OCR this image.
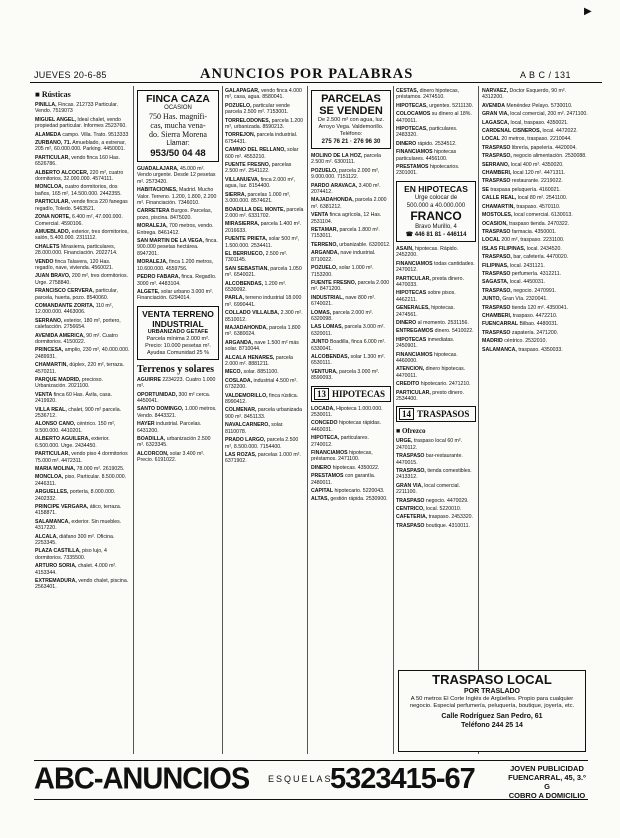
▶
JUEVES 20-6-85	ANUNCIOS POR PALABRAS	A B C / 131
■ Rústicas

PINILLA, Fincas. 212733 Particular. Vendo. 7519073

MIGUEL ANGEL, Ideal chalet, vendo propiedad particular. Informes 2523760.

ALAMEDA campo. Villa. Trato. 9513333

ZURBANO, 71. Amueblado, a estrenar, 205 m², 60.000.000. Parking. 4450001.

PARTICULAR, vendo finca 160 Has. 6526786.

ALBERTO ALCOCER, 220 m², cuatro dormitorios, 32.000.000. 4574111.

MONCLOA, cuatro dormitorios, dos baños, 165 m², 14.500.000. 2442355.

PARTICULAR, vende finca 220 fanegas regadío, Toledo. 5463521.

ZONA NORTE, 6.400 m², 47.000.000. Comercial. 4590106.

AMUEBLADO, exterior, tres dormitorios, salón, 5.400.000. 2311112.

CHALETS Mirasierra, particulares, 28.000.000. Financiación. 2022714.

VENDO finca Talavera, 120 Has. regadío, nave, vivienda. 4560021.

JUAN BRAVO, 200 m², tres dormitorios. Urge. 2758840.

FRANCISCO CERVERA, particular, parcela, huerta, pozo. 8540060.

COMANDANTE ZORITA, 110 m², 12.000.000. 4463006.

SERRANO, exterior, 180 m², portero, calefacción. 2756654.

AVENIDA AMERICA, 90 m². Cuatro dormitorios. 4150022.

PRINCESA, amplio, 230 m², 40.000.000. 2489931.

CHAMARTIN, dúplex, 220 m², terraza. 4570211.

PARQUE MADRID, precioso. Urbanización. 2021100.

VENTA finca 60 Has. Ávila, casa. 2419920.

VILLA REAL, chalet, 900 m² parcela. 2536712.

ALONSO CANO, céntrico. 150 m², 9.500.000. 4410201.

ALBERTO AGUILERA, exterior. 6.500.000. Urge. 2434450.

PARTICULAR, vendo piso 4 dormitorios 75.000 m². 4472311.

MARIA MOLINA, 78.000 m². 2619025.

MONCLOA, piso. Particular. 8.500.000. 2446311.

ARGUELLES, portería, 8.000.000. 2402332.

PRINCIPE VERGARA, ático, terraza. 4158871.

SALAMANCA, exterior. Sin muebles. 4317220.

ALCALA, diáfano 300 m². Oficina. 2253345.

PLAZA CASTILLA, piso lujo, 4 dormitorios. 7335500.

ARTURO SORIA, chalet. 4.000 m². 4153344.

EXTREMADURA, vendo chalet, piscina. 2563401.

FINCA CAZA
OCASION
750 Has. magnífi-
cas, mucha vena-
do. Sierra Morena
Llamar:
953/50 04 48

GUADALAJARA, 45.000 m². Vendo urgente. Desde 12 pesetas m². 2573420.

HABITACIONES, Madrid. Mucho Valor. Terreno. 1.200, 1.800, 2.200 m². Financiación. 7346010.

CARRETERA Burgos. Parcelas, pozo, piscina. 8475020.

MORALEJA, 700 metros, vendo. Entrega. 8461412.

SAN MARTIN DE LA VEGA, finca. 900.000 pesetas hectárea. 8947201.

MORALEJA, finca 1.200 metros, 10.600.000. 4559756.

PEDRO FABARA, finca. Regadío. 3000 m². 4483104.

ALGETE, solar urbano 3.000 m². Financiación. 6294014.

VENTA TERRENO
INDUSTRIAL
URBANIZADO GETAFE
Parcela mínima 2.000 m². Precio: 10.000 pesetas m².
Ayudas Comunidad 25 %
Terrenos y solares

AGUIRRE 2234223. Cuatro 1.000 m².

OPORTUNIDAD, 300 m² cerca. 4450041.

SANTO DOMINGO, 1.000 metros. Vendo. 8443321.

HAYER industrial. Parcelas. 6431200.

BOADILLA, urbanización 2.500 m². 6323345.

ALCORCON, solar 3.400 m². Precio. 6191022.

GALAPAGAR, vendo finca 4.000 m², casa, agua. 8580041.

POZUELO, particular vende parcela 2.500 m². 7153001.

TORRELODONES, parcela 1.200 m², urbanizada. 8590213.

TORREJON, parcela industrial. 6754431.

CAMINO DEL RELLANO, solar 600 m². 4553210.

FUENTE FRESNO, parcelas 2.500 m². 2541122.

VILLANUEVA, finca 2.000 m², agua, luz. 8154400.

SIERRA, parcelas 1.000 m², 3.000.000. 8574621.

BOADILLA DEL MONTE, parcela 2.000 m². 6331702.

MIRASIERRA, parcela 1.400 m². 2016633.

FUENTE PRIETA, solar 500 m², 1.500.000. 2534411.

EL BERRUECO, 2.500 m². 7301145.

SAN SEBASTIAN, parcela 1.050 m². 6540021.

ALCOBENDAS, 1.200 m². 6530092.

PARLA, terreno industrial 18.000 m². 6990441.

COLLADO VILLALBA, 2.300 m². 8510012.

MAJADAHONDA, parcela 1.800 m². 6380024.

ARGANDA, nave 1.500 m² más solar. 8710044.

ALCALA HENARES, parcela 2.000 m². 8881211.

MECO, solar. 8851100.

COSLADA, industrial 4.500 m². 6732200.

VALDEMORILLO, finca rústica. 8990412.

COLMENAR, parcela urbanizada 900 m². 8451133.

NAVALCARNERO, solar. 8110078.

PRADO LARGO, parcela 2.500 m², 8.500.000. 7154400.

LAS ROZAS, parcelas 1.000 m². 6371902.

PARCELAS
SE VENDEN
De 2.500 m² con agua, luz. Arroyo Vega. Valdemorillo. Teléfono:
275 76 21 · 276 96 30

MOLINO DE LA HOZ, parcela 2.500 m². 6300111.

POZUELO, parcela 2.000 m², 9.000.000. 7151122.

PARDO ARAVACA, 3.400 m². 2074412.

MAJADAHONDA, parcela 2.000 m². 6381212.

VENTA finca agrícola, 12 Has. 2531104.

RETAMAR, parcela 1.800 m². 7153011.

TERRENO, urbanizable. 6320012.

ARGANDA, nave industrial. 8710022.

POZUELO, solar 1.000 m². 7153200.

FUENTE FRESNO, parcela 2.000 m². 8471200.

INDUSTRIAL, nave 800 m². 6740021.

LOMAS, parcela 2.000 m². 6320098.

LAS LOMAS, parcela 3.000 m². 6320011.

JUNTO Boadilla, finca 6.000 m². 6330041.

ALCOBENDAS, solar 1.300 m². 6530111.

VENTURA, parcela 3.000 m². 8590093.

13 HIPOTECAS

LOCADA, Hipoteca 1.000.000. 2530011.

CONCEDO hipotecas rápidas. 4460031.

HIPOTECA, particulares. 2740012.

FINANCIAMOS hipotecas, préstamos. 2471100.

DINERO hipotecas. 4350022.

PRESTAMOS con garantía. 2480011.

CAPITAL hipotecario. 5220043.

ALTAS, gestión rápida. 2530900.

CESTAS, dinero hipotecas, préstamos. 2474510.

HIPOTECAS, urgentes. 5211130.

COLOCAMOS su dinero al 18%. 4470011.

HIPOTECAS, particulares. 2483320.

DINERO rápido. 2534512.

FINANCIAMOS hipotecas particulares. 4456100.

PRESTAMOS hipotecarios. 2301001.

EN HIPOTECAS
Urge colocar de
500.000 a 40.000.000
FRANCO
Bravo Murillo, 4
☎ 446 81 81 - 446114

ASAIN, hipotecas. Rápido. 2452200.

FINANCIAMOS todas cantidades. 2470012.

PARTICULAR, presta dinero. 4470033.

HIPOTECAS sobre pisos. 4462211.

GENERALES, hipotecas. 2474561.

DINERO al momento. 2531156.

ENTREGAMOS dinero. 5410022.

HIPOTECAS inmediatas. 2450901.

FINANCIAMOS hipotecas. 4460000.

ATENCION, dinero hipotecas. 4470011.

CREDITO hipotecario. 2471210.

PARTICULAR, presto dinero. 2534400.

14 TRASPASOS
■ Ofrezco

URGE, traspaso local 60 m². 2470112.

TRASPASO bar-restaurante. 4470015.

TRASPASO, tienda comestibles. 2413312.

GRAN VIA, local comercial. 2211100.

TRASPASO negocio. 4470029.

CENTRICO, local. 5220010.

CAFETERIA, traspaso. 2453320.

TRASPASO boutique. 4310011.

NARVAEZ, Doctor Esquerdo, 90 m². 4312200.

AVENIDA Menéndez Pelayo. 5730010.

GRAN VIA, local comercial, 200 m². 2471100.

LAGASCA, local, traspaso. 4350021.

CARDENAL CISNEROS, local. 4472022.

LOCAL 20 metros, traspaso. 2210044.

TRASPASO librería, papelería. 4420004.

TRASPASO, negocio alimentación. 2530088.

SERRANO, local 400 m². 4350020.

CHAMBERI, local 120 m². 4471311.

TRASPASO restaurante. 2219022.

SE traspasa peluquería. 4160021.

CALLE REAL, local 80 m². 2541100.

CHAMARTIN, traspaso. 4570110.

MOSTOLES, local comercial. 6130013.

OCASION, traspaso tienda. 2470322.

TRASPASO farmacia. 4350001.

LOCAL 200 m², traspaso. 2231100.

ISLAS FILIPINAS, local. 2434520.

TRASPASO, bar, cafetería. 4470020.

FILIPINAS, local. 2431121.

TRASPASO perfumería. 4312211.

SAGASTA, local. 4450031.

TRASPASO, negocio. 2470991.

JUNTO, Gran Vía. 2320041.

TRASPASO tienda 120 m². 4350041.

CHAMBERI, traspaso. 4472210.

FUENCARRAL Bilbao. 4480031.

TRASPASO zapatería. 2471200.

MADRID céntrico. 2532010.

SALAMANCA, traspaso. 4350033.

TRASPASO LOCAL
POR TRASLADO
A 50 metros El Corte Inglés de Argüelles. Propio para cualquier negocio. Especial perfumería, peluquería, boutique, joyería, etc.
Calle Rodríguez San Pedro, 61
Teléfono 244 25 14
ABC-ANUNCIOS ESQUELAS·
5323415-67	JOVEN PUBLICIDAD
FUENCARRAL, 45, 3.º G
COBRO A DOMICILIO
